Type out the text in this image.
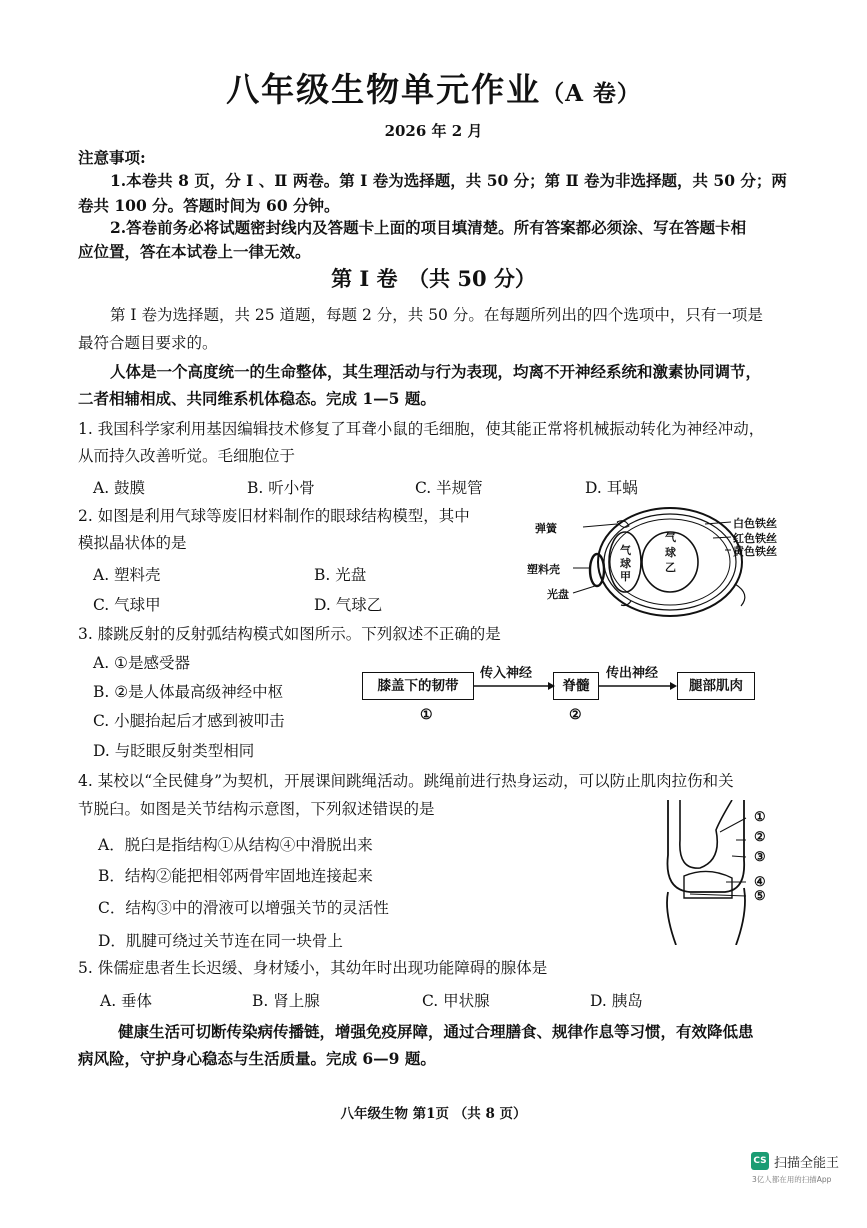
八年级生物单元作业（A 卷）
2026 年 2 月
注意事项:
1.本卷共 8 页，分 Ⅰ 、Ⅱ 两卷。第 Ⅰ 卷为选择题，共 50 分；第 Ⅱ 卷为非选择题，共 50 分；两
卷共 100 分。答题时间为 60 分钟。
2.答卷前务必将试题密封线内及答题卡上面的项目填清楚。所有答案都必须涂、写在答题卡相
应位置，答在本试卷上一律无效。
第 Ⅰ 卷　（共 50 分）
第 Ⅰ 卷为选择题，共 25 道题，每题 2 分，共 50 分。在每题所列出的四个选项中，只有一项是
最符合题目要求的。
人体是一个高度统一的生命整体，其生理活动与行为表现，均离不开神经系统和激素协同调节，
二者相辅相成、共同维系机体稳态。完成 1—5 题。
1. 我国科学家利用基因编辑技术修复了耳聋小鼠的毛细胞，使其能正常将机械振动转化为神经冲动，
从而持久改善听觉。毛细胞位于
A. 鼓膜	B. 听小骨	C. 半规管	D. 耳蜗
2. 如图是利用气球等废旧材料制作的眼球结构模型，其中
模拟晶状体的是
A. 塑料壳	B. 光盘
C. 气球甲	D. 气球乙
弹簧
塑料壳
光盘
气
球
甲
气
球
乙
白色铁丝
红色铁丝
黄色铁丝
3. 膝跳反射的反射弧结构模式如图所示。下列叙述不正确的是
A. ①是感受器
B. ②是人体最高级神经中枢
C. 小腿抬起后才感到被叩击
D. 与眨眼反射类型相同
膝盖下的韧带	脊髓	腿部肌肉
传入神经	传出神经
①	②
4. 某校以“全民健身”为契机，开展课间跳绳活动。跳绳前进行热身运动，可以防止肌肉拉伤和关
节脱臼。如图是关节结构示意图，下列叙述错误的是
A．脱臼是指结构①从结构④中滑脱出来
B．结构②能把相邻两骨牢固地连接起来
C．结构③中的滑液可以增强关节的灵活性
D．肌腱可绕过关节连在同一块骨上
①
②
③
④
⑤
5. 侏儒症患者生长迟缓、身材矮小，其幼年时出现功能障碍的腺体是
A. 垂体	B. 肾上腺	C. 甲状腺	D. 胰岛
健康生活可切断传染病传播链，增强免疫屏障，通过合理膳食、规律作息等习惯，有效降低患
病风险，守护身心稳态与生活质量。完成 6—9 题。
八年级生物 第1页 （共 8 页）
CS 扫描全能王
3亿人都在用的扫描App
